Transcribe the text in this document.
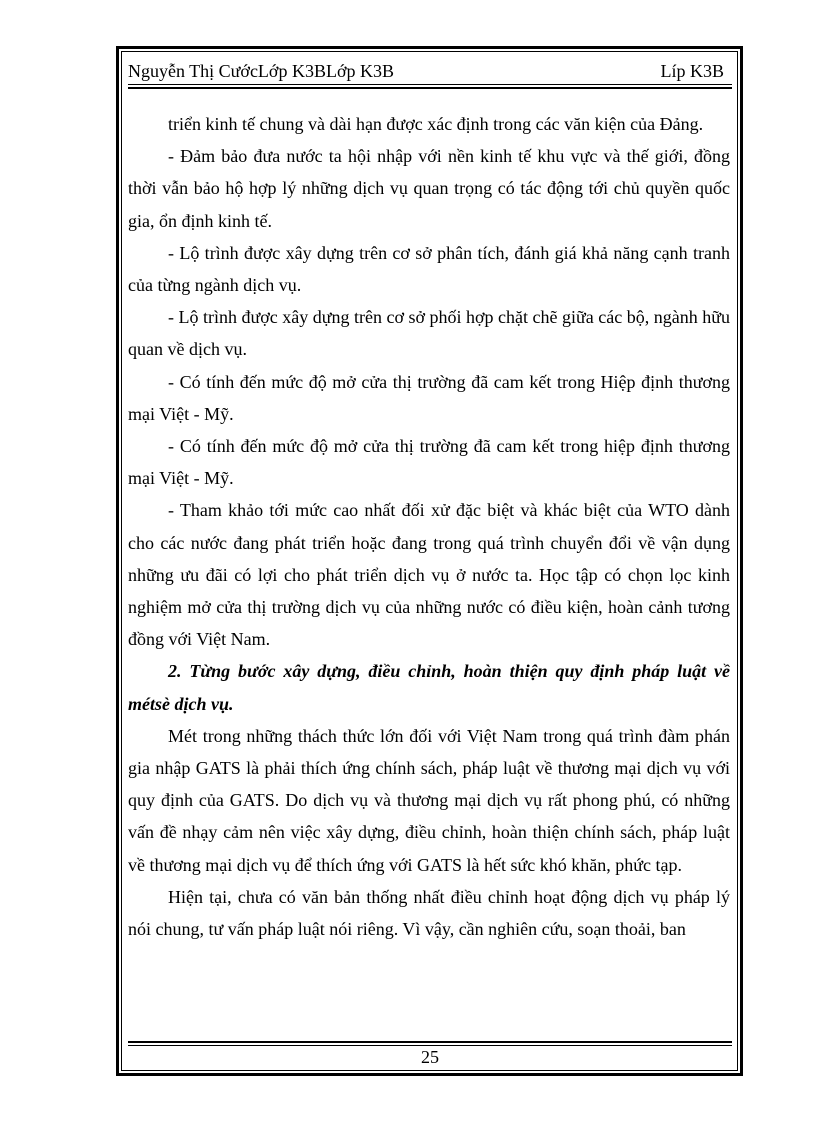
Nguyễn Thị CướcLớp K3BLớp K3B	Líp K3B

triển kinh tế chung và dài hạn được xác định trong các văn kiện của Đảng.

- Đảm bảo đưa nước ta hội nhập với nền kinh tế khu vực và thế giới, đồng thời vẫn bảo hộ hợp lý những dịch vụ quan trọng có tác động tới chủ quyền quốc gia, ổn định kinh tế.

- Lộ trình được xây dựng trên cơ sở phân tích, đánh giá khả năng cạnh tranh của từng ngành dịch vụ.

- Lộ trình được xây dựng trên cơ sở phối hợp chặt chẽ giữa các bộ, ngành hữu quan về dịch vụ.

- Có tính đến mức độ mở cửa thị trường đã cam kết trong Hiệp định thương mại Việt - Mỹ.

- Có tính đến mức độ mở cửa thị trường đã cam kết trong hiệp định thương mại Việt - Mỹ.

- Tham khảo tới mức cao nhất đối xử đặc biệt và khác biệt của WTO dành cho các nước đang phát triển hoặc đang trong quá trình chuyển đổi về vận dụng những ưu đãi có lợi cho phát triển dịch vụ ở nước ta. Học tập có chọn lọc kinh nghiệm mở cửa thị trường dịch vụ của những nước có điều kiện, hoàn cảnh tương đồng với Việt Nam.

2. Từng bước xây dựng, điều chỉnh, hoàn thiện quy định pháp luật về métsè dịch vụ.

Mét trong những thách thức lớn đối với Việt Nam trong quá trình đàm phán gia nhập GATS là phải thích ứng chính sách, pháp luật về thương mại dịch vụ với quy định của GATS. Do dịch vụ và thương mại dịch vụ rất phong phú, có những vấn đề nhạy cảm nên việc xây dựng, điều chỉnh, hoàn thiện chính sách, pháp luật về thương mại dịch vụ để thích ứng với GATS là hết sức khó khăn, phức tạp.

Hiện tại, chưa có văn bản thống nhất điều chỉnh hoạt động dịch vụ pháp lý nói chung, tư vấn pháp luật nói riêng. Vì vậy, cần nghiên cứu, soạn thoải, ban

25
